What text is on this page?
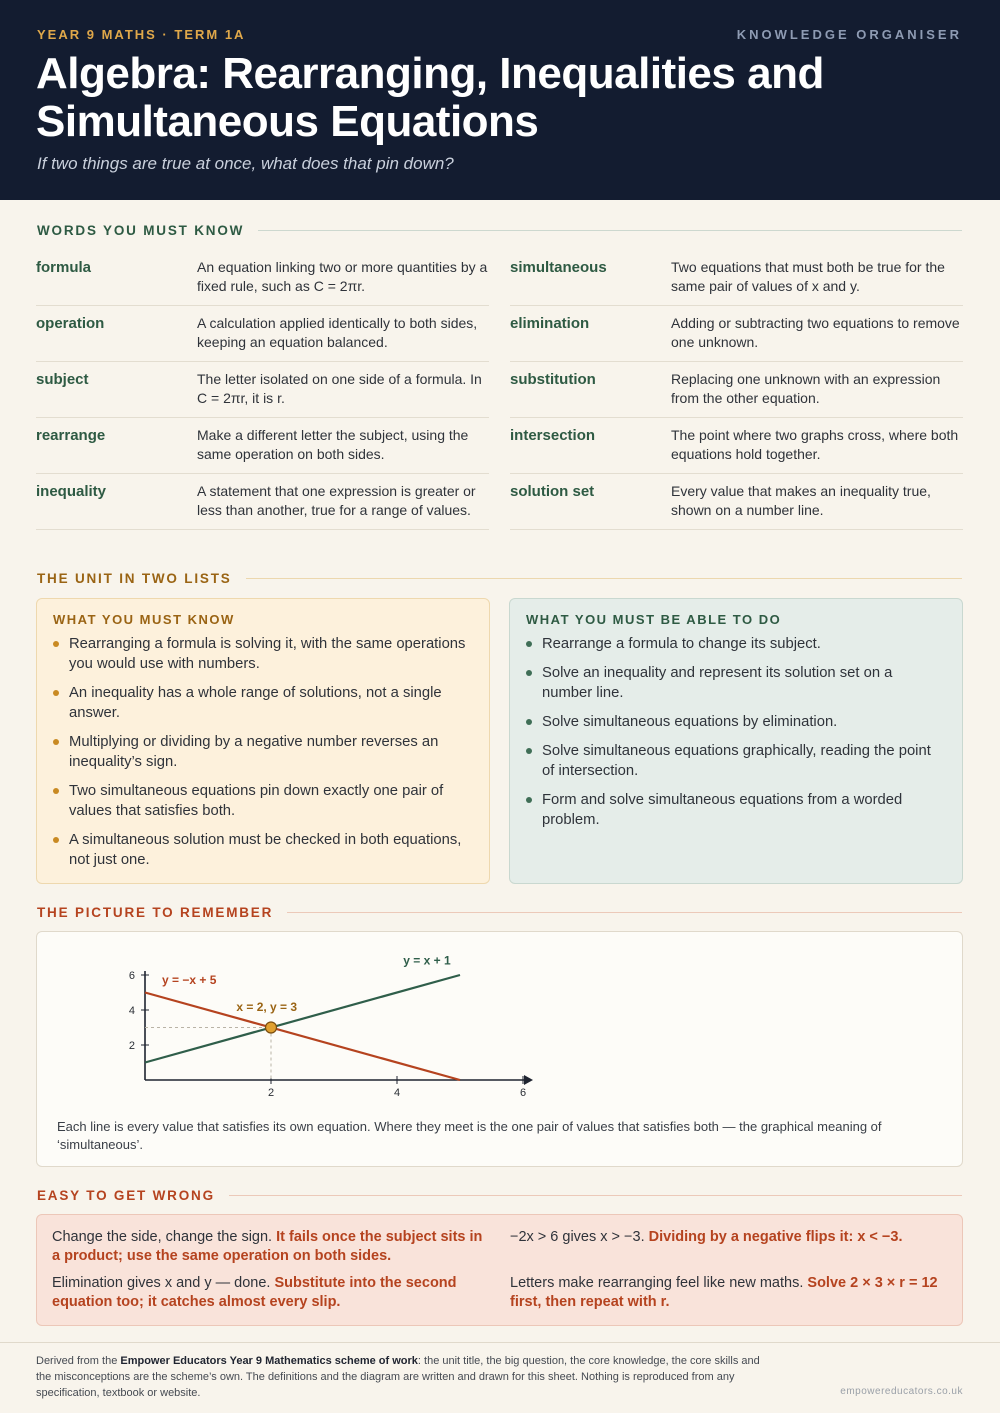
YEAR 9 MATHS · TERM 1A	KNOWLEDGE ORGANISER
Algebra: Rearranging, Inequalities and Simultaneous Equations
If two things are true at once, what does that pin down?
WORDS YOU MUST KNOW
formula	An equation linking two or more quantities by a fixed rule, such as C = 2πr.
operation	A calculation applied identically to both sides, keeping an equation balanced.
subject	The letter isolated on one side of a formula. In C = 2πr, it is r.
rearrange	Make a different letter the subject, using the same operation on both sides.
inequality	A statement that one expression is greater or less than another, true for a range of values.
simultaneous	Two equations that must both be true for the same pair of values of x and y.
elimination	Adding or subtracting two equations to remove one unknown.
substitution	Replacing one unknown with an expression from the other equation.
intersection	The point where two graphs cross, where both equations hold together.
solution set	Every value that makes an inequality true, shown on a number line.
THE UNIT IN TWO LISTS
WHAT YOU MUST KNOW
Rearranging a formula is solving it, with the same operations you would use with numbers.
An inequality has a whole range of solutions, not a single answer.
Multiplying or dividing by a negative number reverses an inequality’s sign.
Two simultaneous equations pin down exactly one pair of values that satisfies both.
A simultaneous solution must be checked in both equations, not just one.
WHAT YOU MUST BE ABLE TO DO
Rearrange a formula to change its subject.
Solve an inequality and represent its solution set on a number line.
Solve simultaneous equations by elimination.
Solve simultaneous equations graphically, reading the point of intersection.
Form and solve simultaneous equations from a worded problem.
THE PICTURE TO REMEMBER
2	4	6
2
4
6
y = x + 1
y = −x + 5
x = 2, y = 3
Each line is every value that satisfies its own equation. Where they meet is the one pair of values that satisfies both — the graphical meaning of ‘simultaneous’.
EASY TO GET WRONG
Change the side, change the sign. It fails once the subject sits in a product; use the same operation on both sides.
−2x > 6 gives x > −3. Dividing by a negative flips it: x < −3.
Elimination gives x and y — done. Substitute into the second equation too; it catches almost every slip.
Letters make rearranging feel like new maths. Solve 2 × 3 × r = 12 first, then repeat with r.
Derived from the Empower Educators Year 9 Mathematics scheme of work: the unit title, the big question, the core knowledge, the core skills and the misconceptions are the scheme’s own. The definitions and the diagram are written and drawn for this sheet. Nothing is reproduced from any specification, textbook or website.	empowereducators.co.uk
